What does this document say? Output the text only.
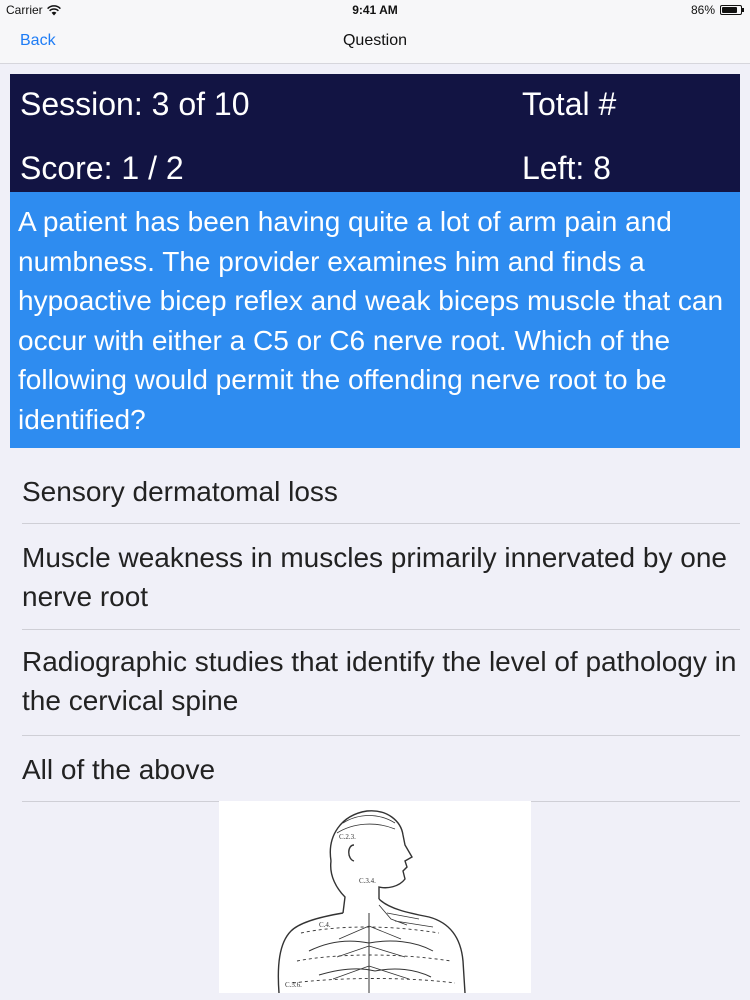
Carrier	9:41 AM	86%
Back	Question
Session: 3 of 10	Total #
Score: 1 / 2	Left: 8
A patient has been having quite a lot of arm pain and numbness. The provider examines him and finds a hypoactive bicep reflex and weak biceps muscle that can occur with either a C5 or C6 nerve root. Which of the following would permit the offending nerve root to be identified?
Sensory dermatomal loss
Muscle weakness in muscles primarily innervated by one nerve root
Radiographic studies that identify the level of pathology in the cervical spine
All of the above
C.2.3.
C.3.4.
C.4.
C.5.6.
